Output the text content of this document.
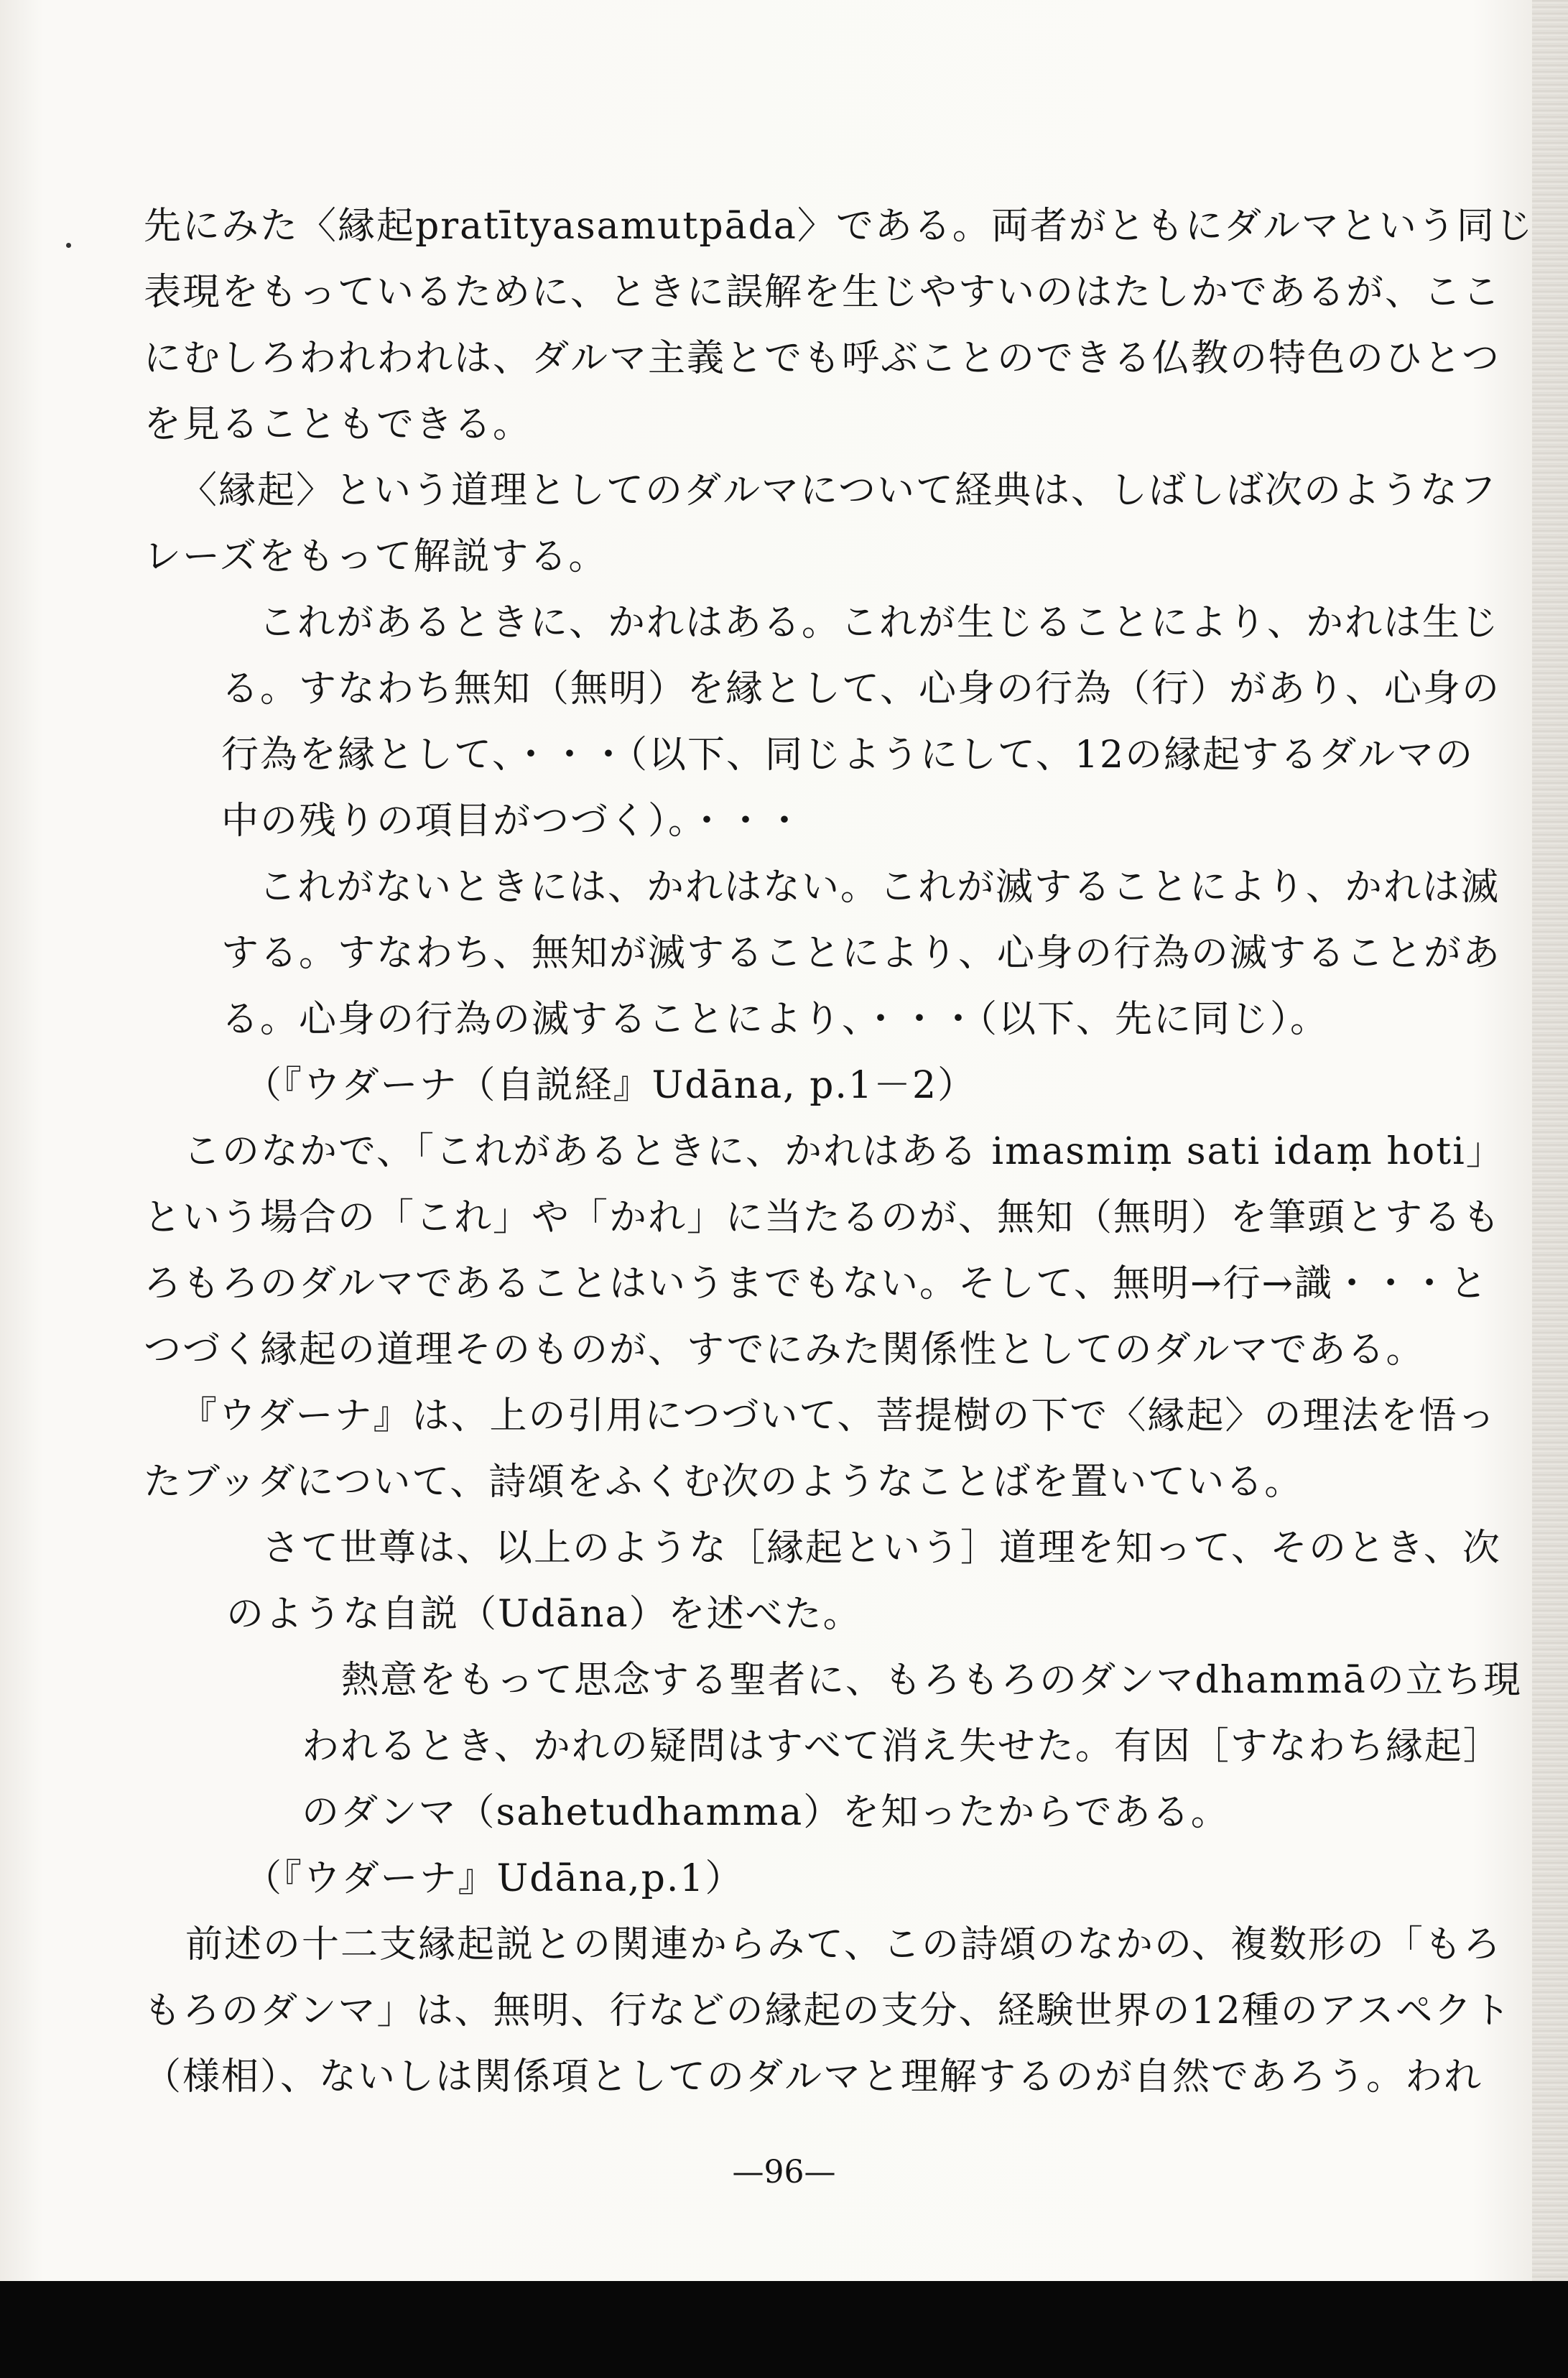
先にみた〈縁起pratītyasamutpāda〉である。両者がともにダルマという同じ
表現をもっているために、ときに誤解を生じやすいのはたしかであるが、ここ
にむしろわれわれは、ダルマ主義とでも呼ぶことのできる仏教の特色のひとつ
を見ることもできる。
〈縁起〉という道理としてのダルマについて経典は、しばしば次のようなフ
レーズをもって解説する。
これがあるときに、かれはある。これが生じることにより、かれは生じ
る。すなわち無知（無明）を縁として、心身の行為（行）があり、心身の
行為を縁として、・・・（以下、同じようにして、12の縁起するダルマの
中の残りの項目がつづく）。・・・
これがないときには、かれはない。これが滅することにより、かれは滅
する。すなわち、無知が滅することにより、心身の行為の滅することがあ
る。心身の行為の滅することにより、・・・（以下、先に同じ）。
（『ウダーナ（自説経』Udāna, p.1－2）
このなかで、「これがあるときに、かれはある imasmiṃ sati idaṃ hoti」
という場合の「これ」や「かれ」に当たるのが、無知（無明）を筆頭とするも
ろもろのダルマであることはいうまでもない。そして、無明→行→識・・・と
つづく縁起の道理そのものが、すでにみた関係性としてのダルマである。
『ウダーナ』は、上の引用につづいて、菩提樹の下で〈縁起〉の理法を悟っ
たブッダについて、詩頌をふくむ次のようなことばを置いている。
さて世尊は、以上のような［縁起という］道理を知って、そのとき、次
のような自説（Udāna）を述べた。
熱意をもって思念する聖者に、もろもろのダンマdhammāの立ち現
われるとき、かれの疑問はすべて消え失せた。有因［すなわち縁起］
のダンマ（sahetudhamma）を知ったからである。
（『ウダーナ』Udāna,p.1）
前述の十二支縁起説との関連からみて、この詩頌のなかの、複数形の「もろ
もろのダンマ」は、無明、行などの縁起の支分、経験世界の12種のアスペクト
（様相）、ないしは関係項としてのダルマと理解するのが自然であろう。われ
—96—
